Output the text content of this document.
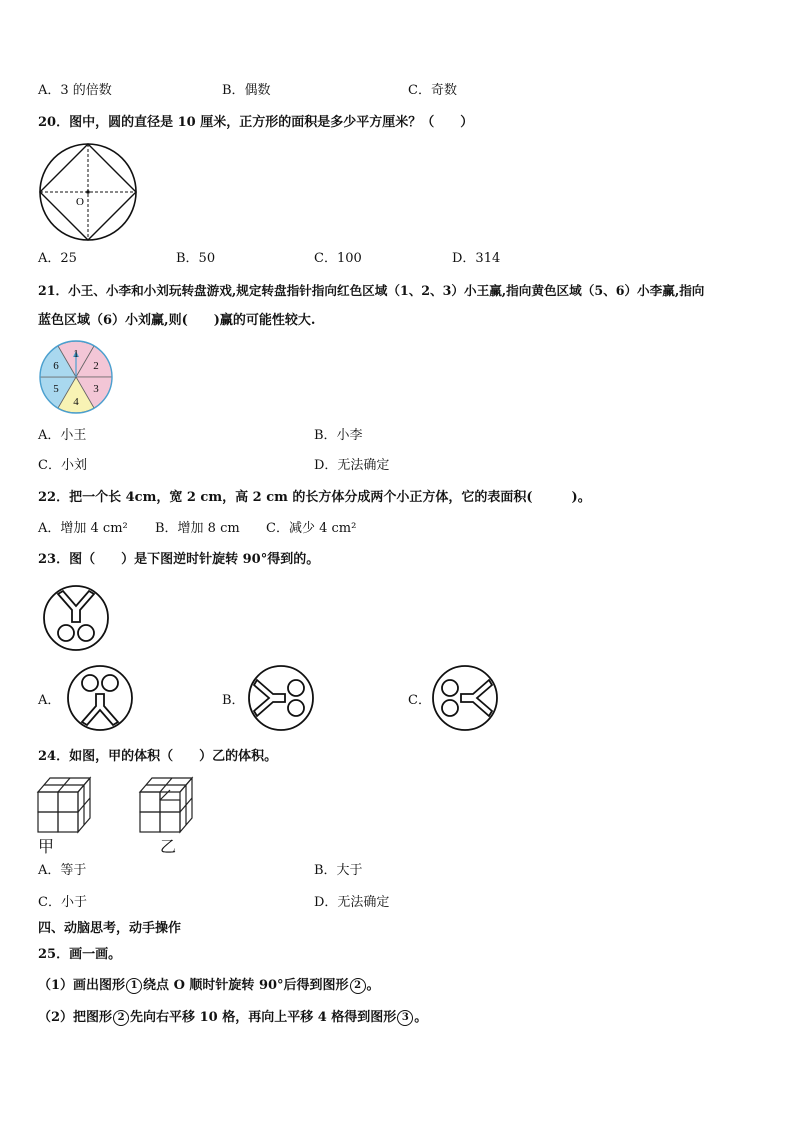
A．3 的倍数	B．偶数	C．奇数
20．图中，圆的直径是 10 厘米，正方形的面积是多少平方厘米？（　　）
O
A．25	B．50	C．100	D．314
21．小王、小李和小刘玩转盘游戏,规定转盘指针指向红色区域（1、2、3）小王赢,指向黄色区域（5、6）小李赢,指向
蓝色区域（6）小刘赢,则(　　)赢的可能性较大.
1
2
3
4
5
6
A．小王	B．小李
C．小刘	D．无法确定
22．把一个长 4cm，宽 2 cm，高 2 cm 的长方体分成两个小正方体，它的表面积(　　　)。
A．增加 4 cm² B．增加 8 cm C．减少 4 cm²
23．图（　　）是下图逆时针旋转 90°得到的。
A．	B．	C．
24．如图，甲的体积（　　）乙的体积。
甲	乙
A．等于	B．大于
C．小于	D．无法确定
四、动脑思考，动手操作
25．画一画。
（1）画出图形 1 绕点 O 顺时针旋转 90°后得到图形 2 。
（2）把图形 2 先向右平移 10 格，再向上平移 4 格得到图形 3 。
